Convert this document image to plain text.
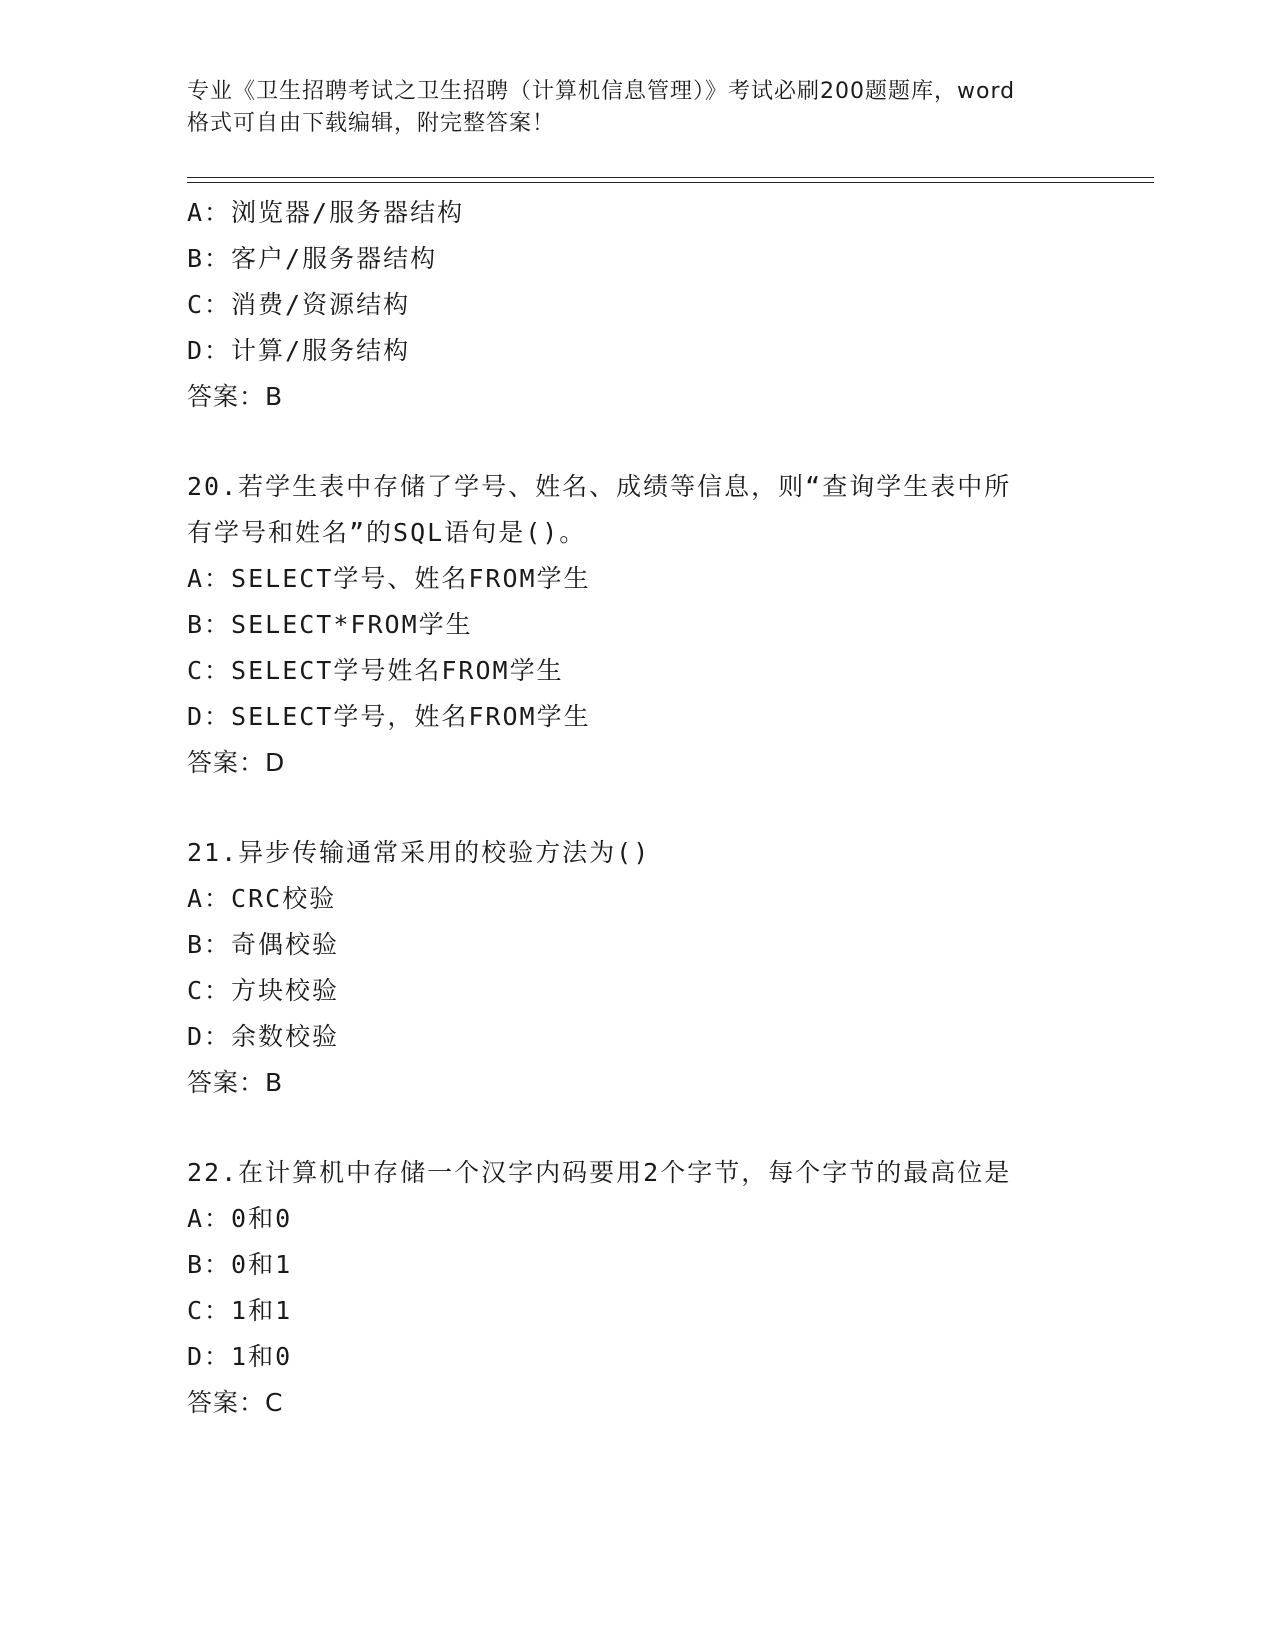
专业《卫生招聘考试之卫生招聘（计算机信息管理）》考试必刷200题题库，word
格式可自由下载编辑，附完整答案！
A：浏览器/服务器结构
B：客户/服务器结构
C：消费/资源结构
D：计算/服务结构
答案：B
20.若学生表中存储了学号、姓名、成绩等信息，则“查询学生表中所
有学号和姓名”的SQL语句是()。
A：SELECT学号、姓名FROM学生
B：SELECT*FROM学生
C：SELECT学号姓名FROM学生
D：SELECT学号，姓名FROM学生
答案：D
21.异步传输通常采用的校验方法为()
A：CRC校验
B：奇偶校验
C：方块校验
D：余数校验
答案：B
22.在计算机中存储一个汉字内码要用2个字节，每个字节的最高位是
A：0和0
B：0和1
C：1和1
D：1和0
答案：C
